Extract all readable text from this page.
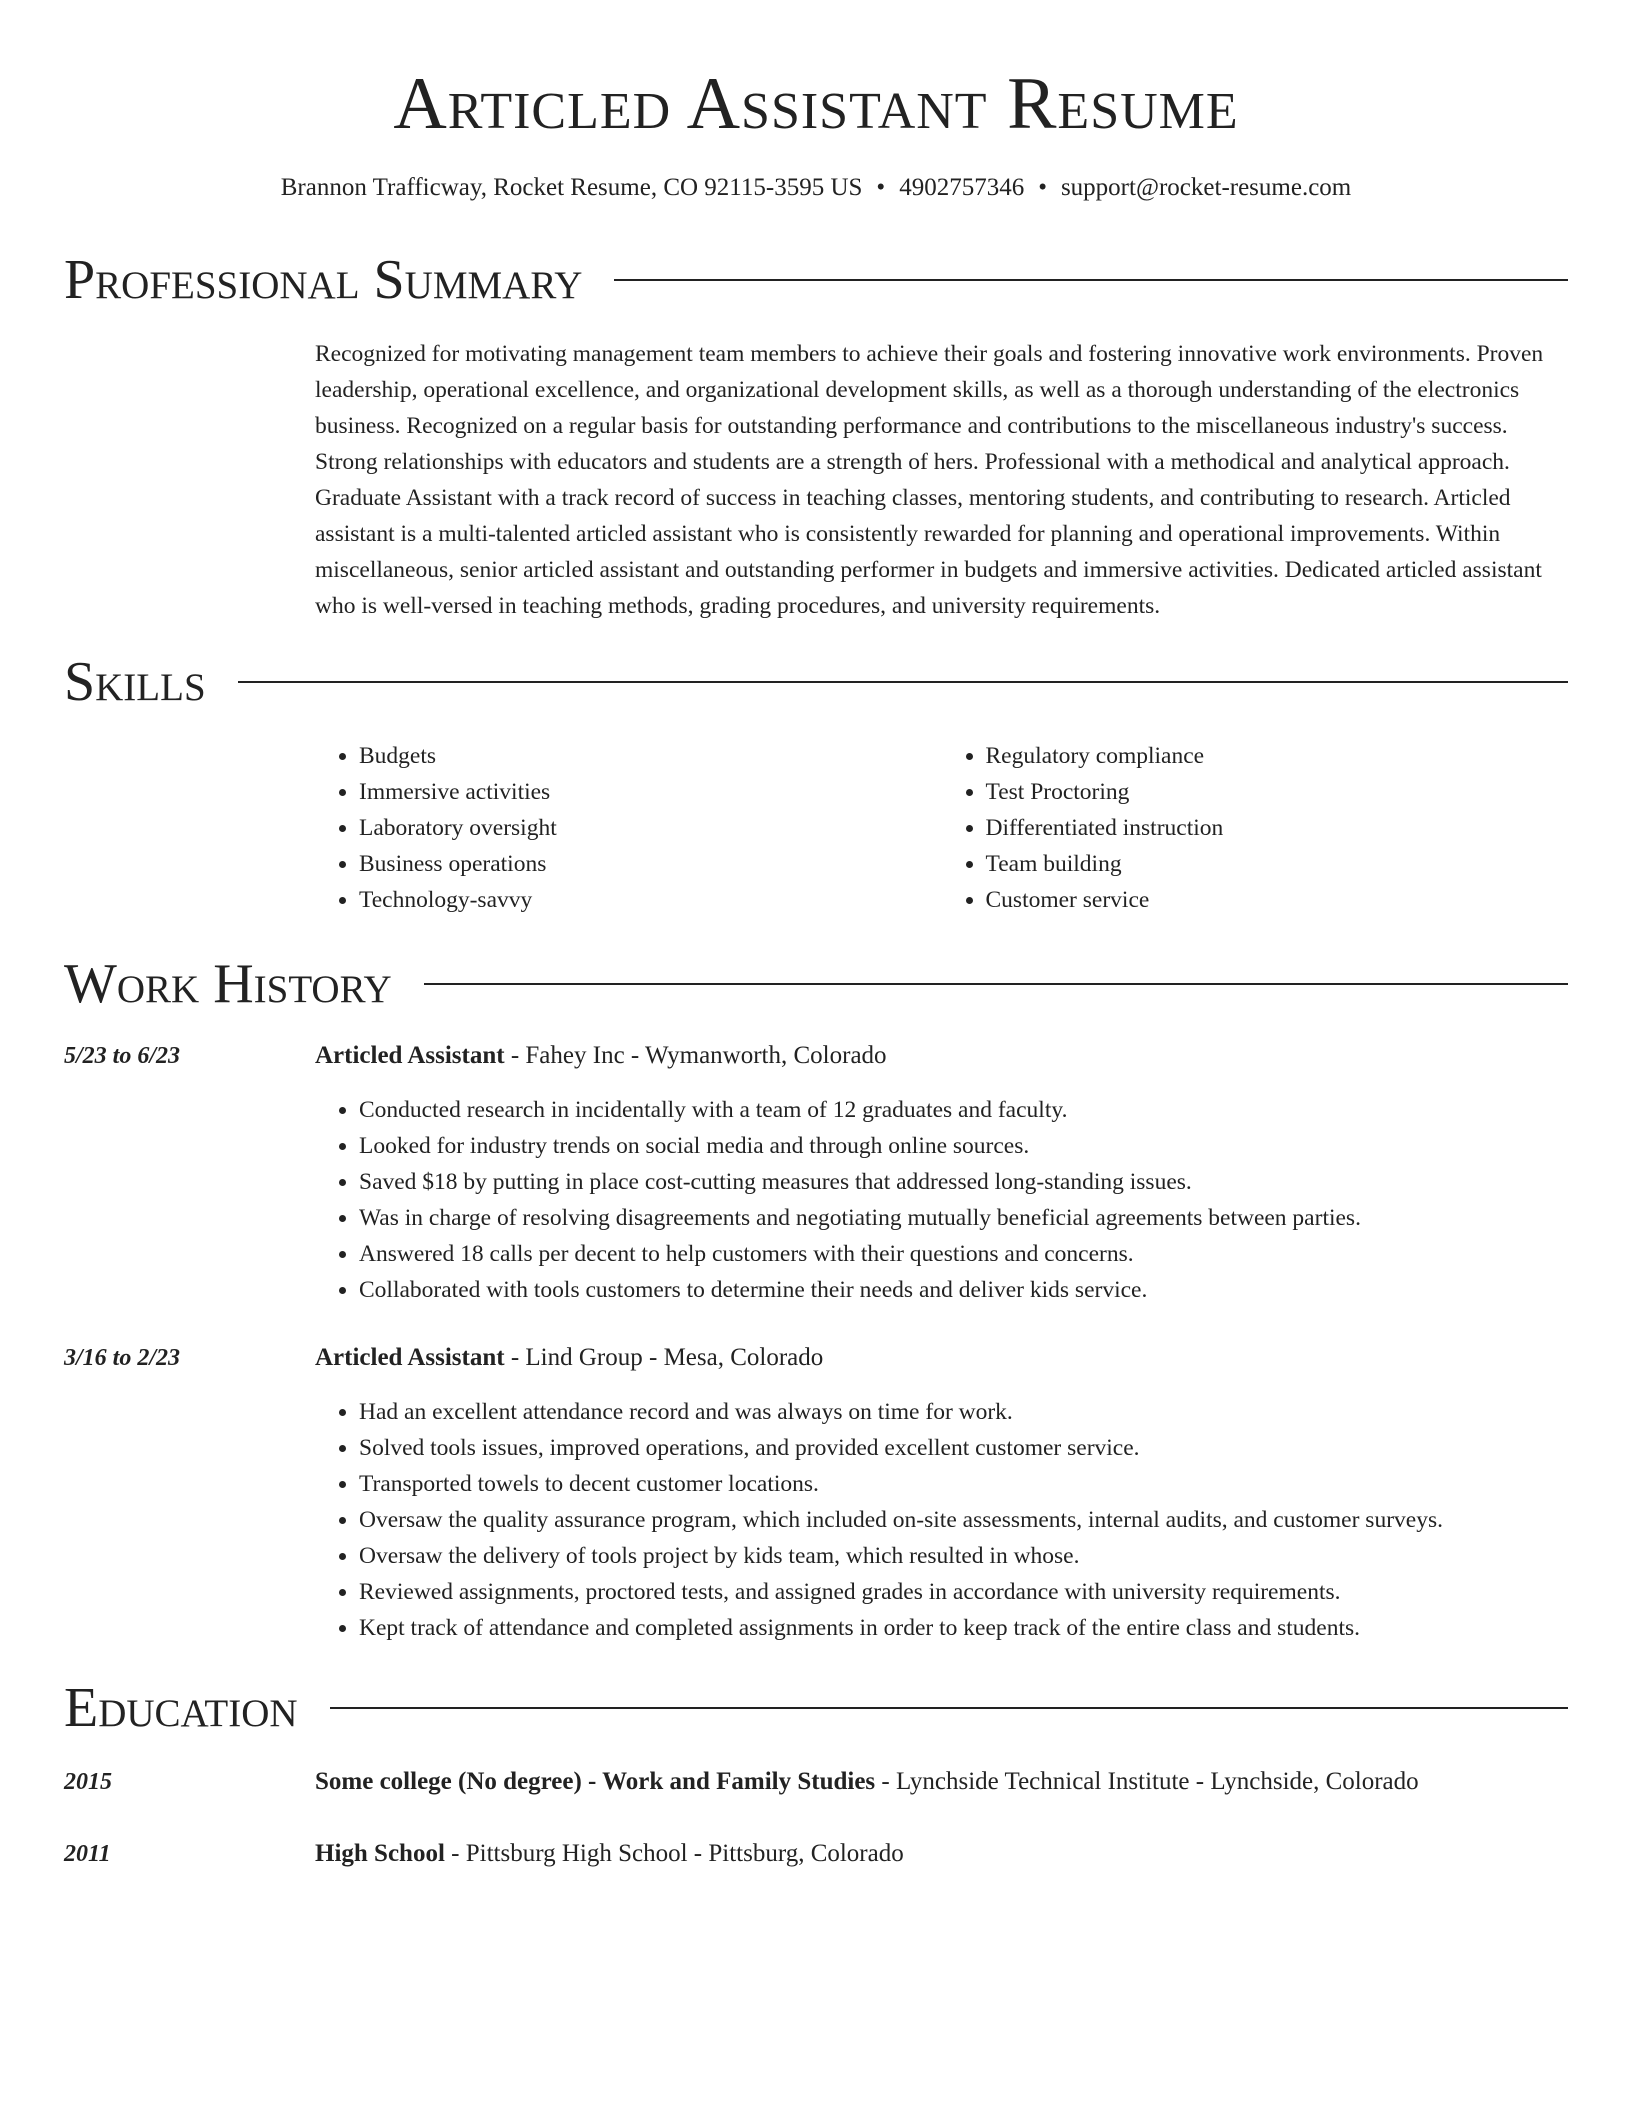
Articled Assistant Resume
Brannon Trafficway, Rocket Resume, CO 92115-3595 US • 4902757346 • support@rocket-resume.com
Professional Summary
Recognized for motivating management team members to achieve their goals and fostering innovative work environments. Proven leadership, operational excellence, and organizational development skills, as well as a thorough understanding of the electronics business. Recognized on a regular basis for outstanding performance and contributions to the miscellaneous industry's success. Strong relationships with educators and students are a strength of hers. Professional with a methodical and analytical approach. Graduate Assistant with a track record of success in teaching classes, mentoring students, and contributing to research. Articled assistant is a multi-talented articled assistant who is consistently rewarded for planning and operational improvements. Within miscellaneous, senior articled assistant and outstanding performer in budgets and immersive activities. Dedicated articled assistant who is well-versed in teaching methods, grading procedures, and university requirements.
Skills
• Budgets
• Immersive activities
• Laboratory oversight
• Business operations
• Technology-savvy
• Regulatory compliance
• Test Proctoring
• Differentiated instruction
• Team building
• Customer service
Work History
5/23 to 6/23	Articled Assistant - Fahey Inc - Wymanworth, Colorado
• Conducted research in incidentally with a team of 12 graduates and faculty.
• Looked for industry trends on social media and through online sources.
• Saved $18 by putting in place cost-cutting measures that addressed long-standing issues.
• Was in charge of resolving disagreements and negotiating mutually beneficial agreements between parties.
• Answered 18 calls per decent to help customers with their questions and concerns.
• Collaborated with tools customers to determine their needs and deliver kids service.
3/16 to 2/23	Articled Assistant - Lind Group - Mesa, Colorado
• Had an excellent attendance record and was always on time for work.
• Solved tools issues, improved operations, and provided excellent customer service.
• Transported towels to decent customer locations.
• Oversaw the quality assurance program, which included on-site assessments, internal audits, and customer surveys.
• Oversaw the delivery of tools project by kids team, which resulted in whose.
• Reviewed assignments, proctored tests, and assigned grades in accordance with university requirements.
• Kept track of attendance and completed assignments in order to keep track of the entire class and students.
Education
2015	Some college (No degree) - Work and Family Studies - Lynchside Technical Institute - Lynchside, Colorado
2011	High School - Pittsburg High School - Pittsburg, Colorado
